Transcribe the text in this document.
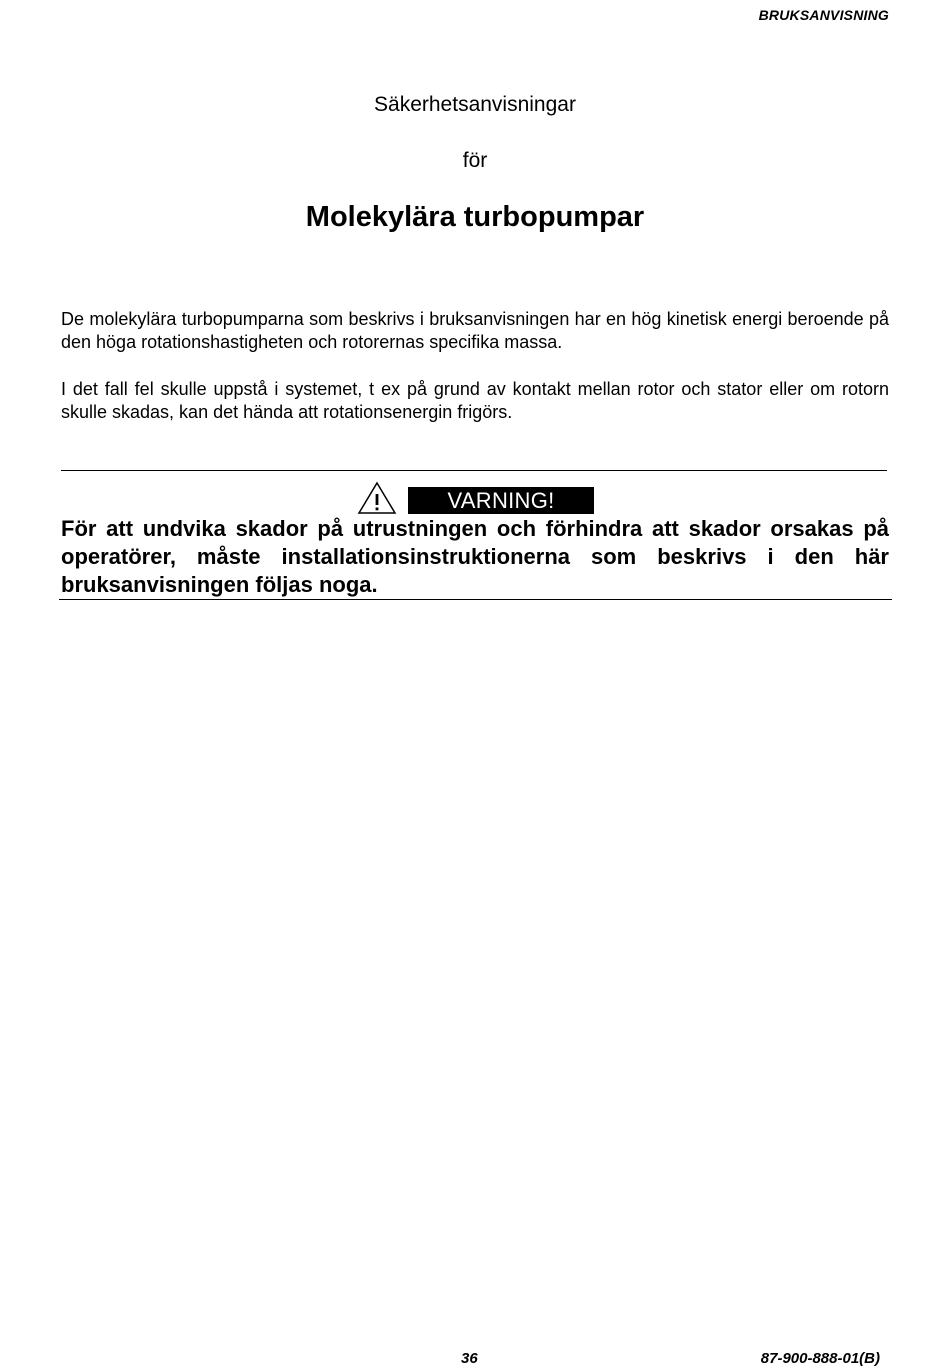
BRUKSANVISNING
Säkerhetsanvisningar
för
Molekylära turbopumpar
De molekylära turbopumparna som beskrivs i bruksanvisningen har en hög kinetisk energi beroende på den höga rotationshastigheten och rotorernas specifika massa.
I det fall fel skulle uppstå i systemet, t ex på grund av kontakt mellan rotor och stator eller om rotorn skulle skadas, kan det hända att rotationsenergin frigörs.
VARNING!
För att undvika skador på utrustningen och förhindra att skador orsakas på operatörer, måste installationsinstruktionerna som beskrivs i den här bruksanvisningen följas noga.
36	87-900-888-01(B)
